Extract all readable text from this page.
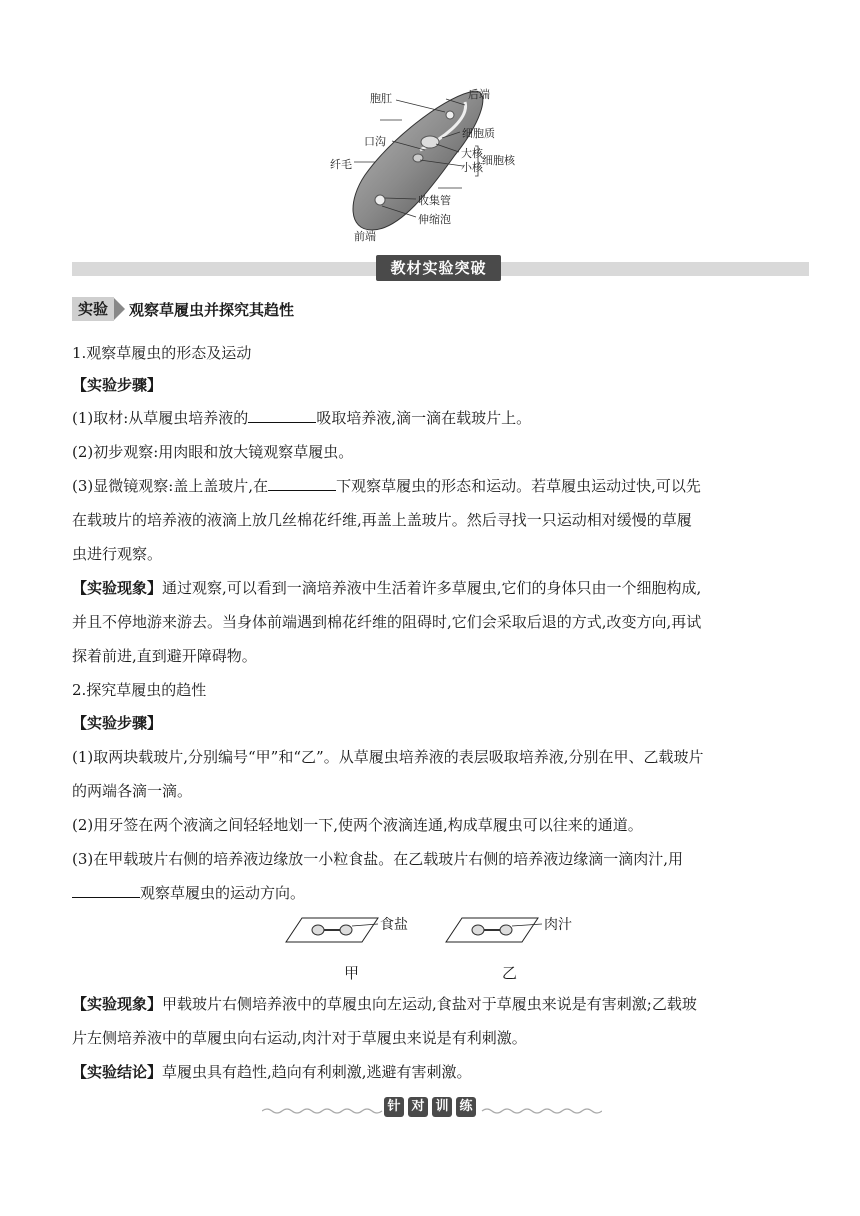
胞肛	后端
口沟
细胞质
大核
小核
细胞核
纤毛
收集管
伸缩泡
前端
教材实验突破
实验	观察草履虫并探究其趋性
1.观察草履虫的形态及运动
【实验步骤】
(1)取材:从草履虫培养液的	吸取培养液,滴一滴在载玻片上。
(2)初步观察:用肉眼和放大镜观察草履虫。
(3)显微镜观察:盖上盖玻片,在	下观察草履虫的形态和运动。若草履虫运动过快,可以先
在载玻片的培养液的液滴上放几丝棉花纤维,再盖上盖玻片。然后寻找一只运动相对缓慢的草履
虫进行观察。
【实验现象】通过观察,可以看到一滴培养液中生活着许多草履虫,它们的身体只由一个细胞构成,
并且不停地游来游去。当身体前端遇到棉花纤维的阻碍时,它们会采取后退的方式,改变方向,再试
探着前进,直到避开障碍物。
2.探究草履虫的趋性
【实验步骤】
(1)取两块载玻片,分别编号“甲”和“乙”。从草履虫培养液的表层吸取培养液,分别在甲、乙载玻片
的两端各滴一滴。
(2)用牙签在两个液滴之间轻轻地划一下,使两个液滴连通,构成草履虫可以往来的通道。
(3)在甲载玻片右侧的培养液边缘放一小粒食盐。在乙载玻片右侧的培养液边缘滴一滴肉汁,用
观察草履虫的运动方向。
食盐	肉汁
甲	乙
【实验现象】甲载玻片右侧培养液中的草履虫向左运动,食盐对于草履虫来说是有害刺激;乙载玻
片左侧培养液中的草履虫向右运动,肉汁对于草履虫来说是有利刺激。
【实验结论】草履虫具有趋性,趋向有利刺激,逃避有害刺激。
针 对 训 练
